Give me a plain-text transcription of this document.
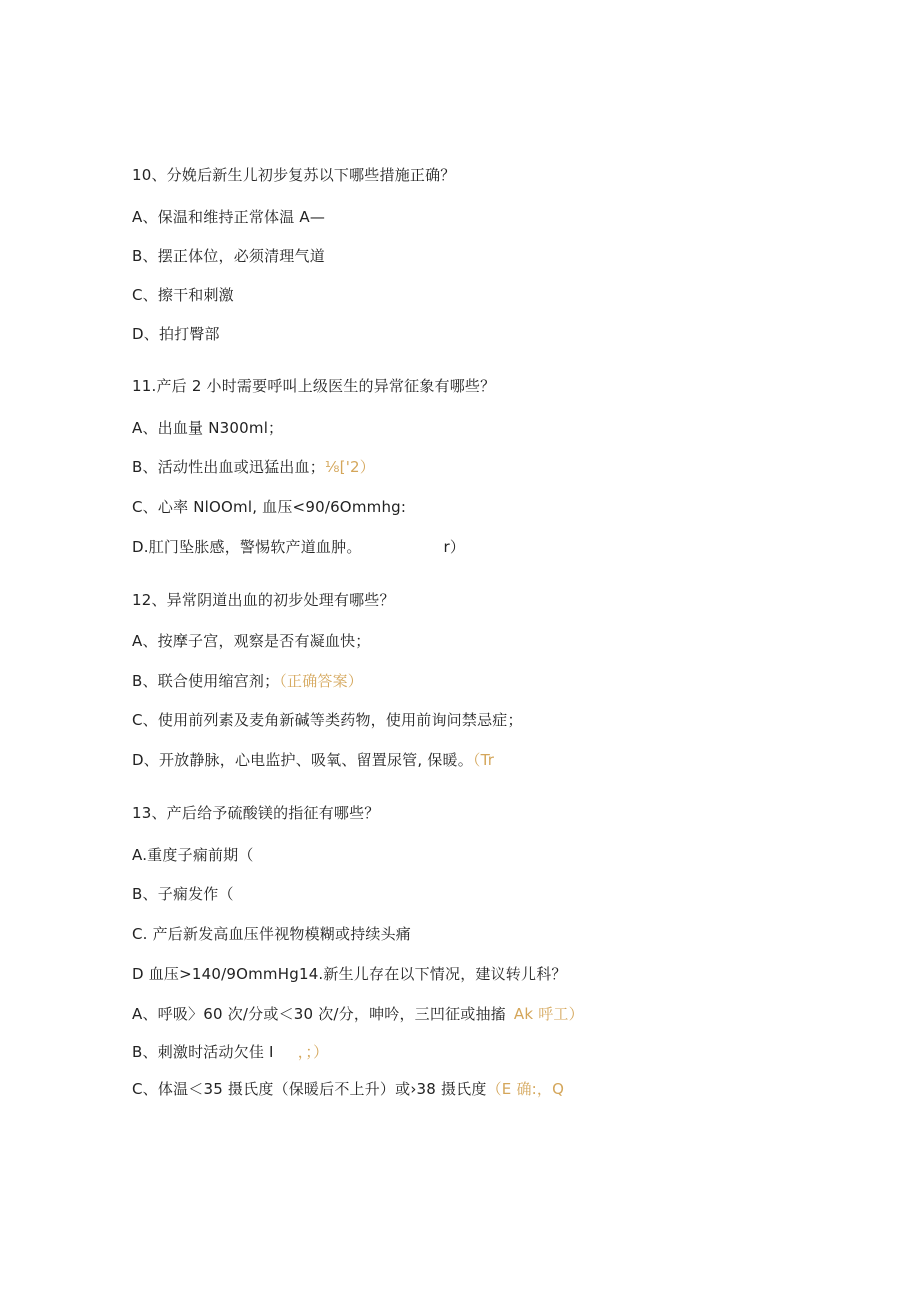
10、分娩后新生儿初步复苏以下哪些措施正确？
A、保温和维持正常体温 A—
B、摆正体位，必须清理气道
C、擦干和刺激
D、拍打臀部
11.产后 2 小时需要呼叫上级医生的异常征象有哪些？
A、出血量 N300ml；
B、活动性出血或迅猛出血；⅛['2）
C、心率 NlOOml, 血压<90/6Ommhg:
D.肛门坠胀感，警惕软产道血肿。	r）
12、异常阴道出血的初步处理有哪些？
A、按摩子宫，观察是否有凝血快；
B、联合使用缩宫剂；（正确答案）
C、使用前列素及麦角新碱等类药物，使用前询问禁忌症；
D、开放静脉，心电监护、吸氧、留置尿管, 保暖。（Tr
13、产后给予硫酸镁的指征有哪些？
A.重度子痫前期（
B、子痫发作（
C. 产后新发高血压伴视物模糊或持续头痛
D 血压>140/9OmmHg14.新生儿存在以下情况，建议转儿科？
A、呼吸〉60 次/分或＜30 次/分，呻吟，三凹征或抽搐 Ak 呼工）
B、刺激时活动欠佳 I ，；）
C、体温＜35 摄氏度（保暖后不上升）或›38 摄氏度（E 确:，Q
